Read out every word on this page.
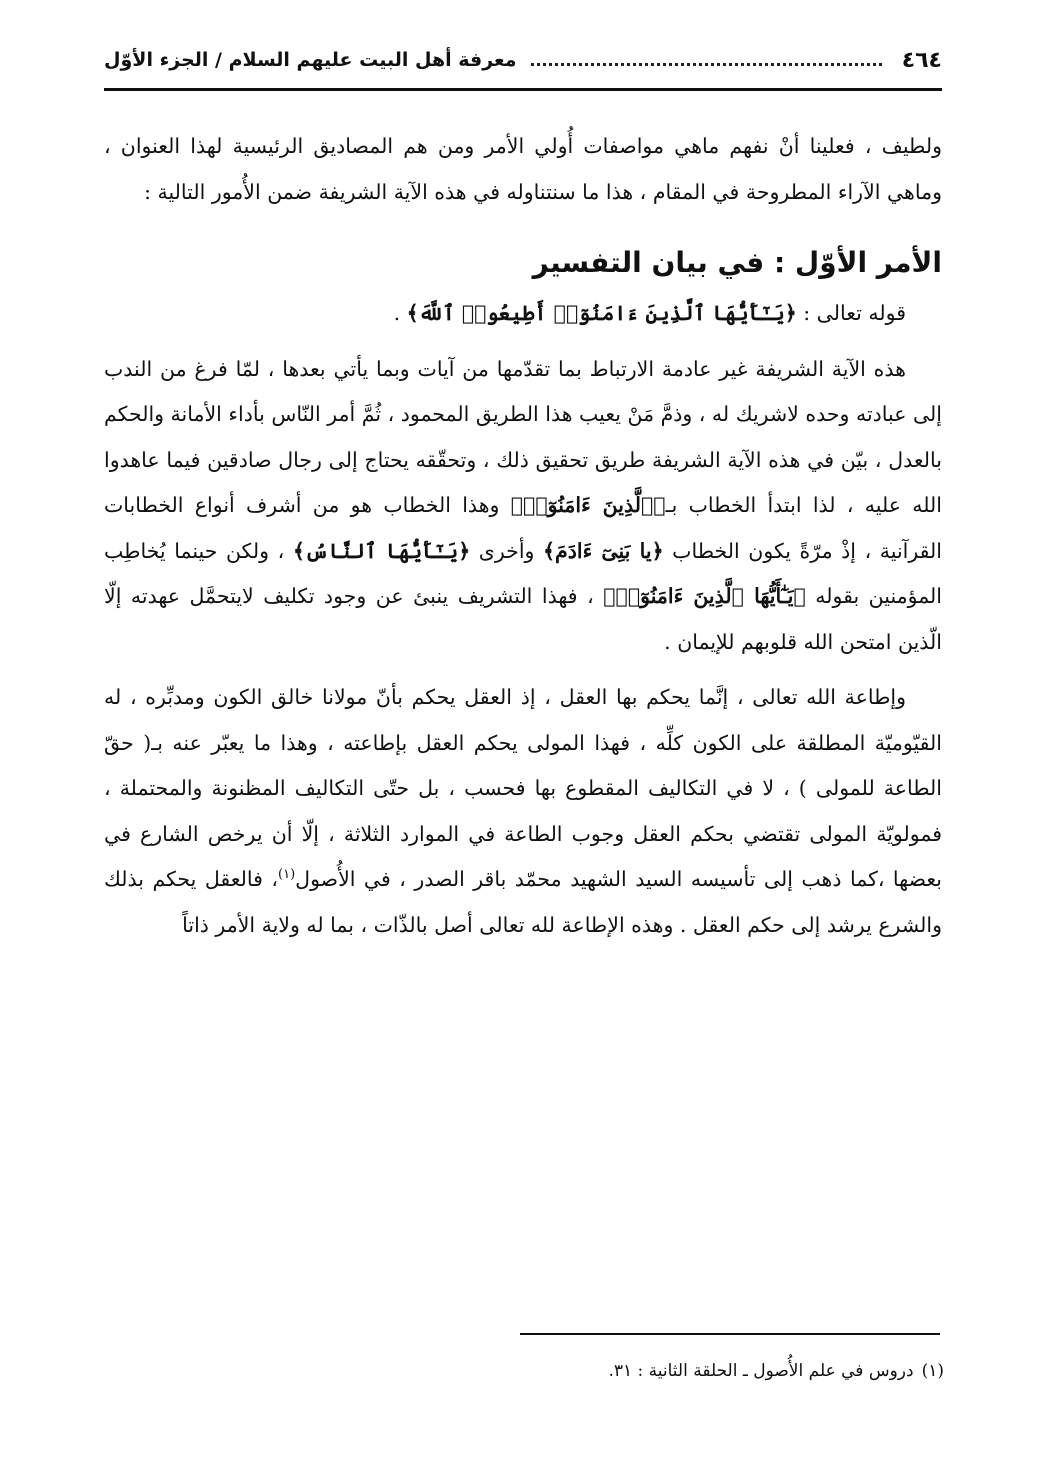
٤٦٤
معرفة أهل البيت عليهم السلام / الجزء الأوّل

ولطيف ، فعلينا أنْ نفهم ماهي مواصفات أُولي الأمر ومن هم المصاديق الرئيسية لهذا العنوان ، وماهي الآراء المطروحة في المقام ، هذا ما سنتناوله في هذه الآية الشريفة ضمن الأُمور التالية :

الأمر الأوّل : في بيان التفسير

قوله تعالى : ﴿يَـٰٓأَيُّهَا ٱلَّذِينَ ءَامَنُوٓا۟ أَطِيعُوا۟ ٱللَّهَ﴾ .

هذه الآية الشريفة غير عادمة الارتباط بما تقدّمها من آيات وبما يأتي بعدها ، لمّا فرغ من الندب إلى عبادته وحده لاشريك له ، وذمَّ مَنْ يعيب هذا الطريق المحمود ، ثُمَّ أمر النّاس بأداء الأمانة والحكم بالعدل ، بيّن في هذه الآية الشريفة طريق تحقيق ذلك ، وتحقّقه يحتاج إلى رجال صادقين فيما عاهدوا الله عليه ، لذا ابتدأ الخطاب بـ﴿ٱلَّذِينَ ءَامَنُوٓا۟﴾ وهذا الخطاب هو من أشرف أنواع الخطابات القرآنية ، إذْ مرّةً يكون الخطاب ﴿يا بَنِىٓ ءَادَمَ﴾ وأخرى ﴿يَـٰٓأَيُّهَا ٱلنَّاسُ﴾ ، ولكن حينما يُخاطِب المؤمنين بقوله ﴿يَـٰٓأَيُّهَا ٱلَّذِينَ ءَامَنُوٓا۟﴾ ، فهذا التشريف ينبئ عن وجود تكليف لايتحمَّل عهدته إلّا الّذين امتحن الله قلوبهم للإيمان .

وإطاعة الله تعالى ، إنَّما يحكم بها العقل ، إذ العقل يحكم بأنّ مولانا خالق الكون ومدبِّره ، له القيّوميّة المطلقة على الكون كلِّه ، فهذا المولى يحكم العقل بإطاعته ، وهذا ما يعبّر عنه بـ( حقّ الطاعة للمولى ) ، لا في التكاليف المقطوع بها فحسب ، بل حتّى التكاليف المظنونة والمحتملة ، فمولويّة المولى تقتضي بحكم العقل وجوب الطاعة في الموارد الثلاثة ، إلّا أن يرخص الشارع في بعضها ،كما ذهب إلى تأسيسه السيد الشهيد محمّد باقر الصدر ، في الأُصول$^{(١)}$، فالعقل يحكم بذلك والشرع يرشد إلى حكم العقل . وهذه الإطاعة لله تعالى أصل بالذّات ، بما له ولاية الأمر ذاتاً

(١)دروس في علم الأُصول ـ الحلقة الثانية : ٣١.
